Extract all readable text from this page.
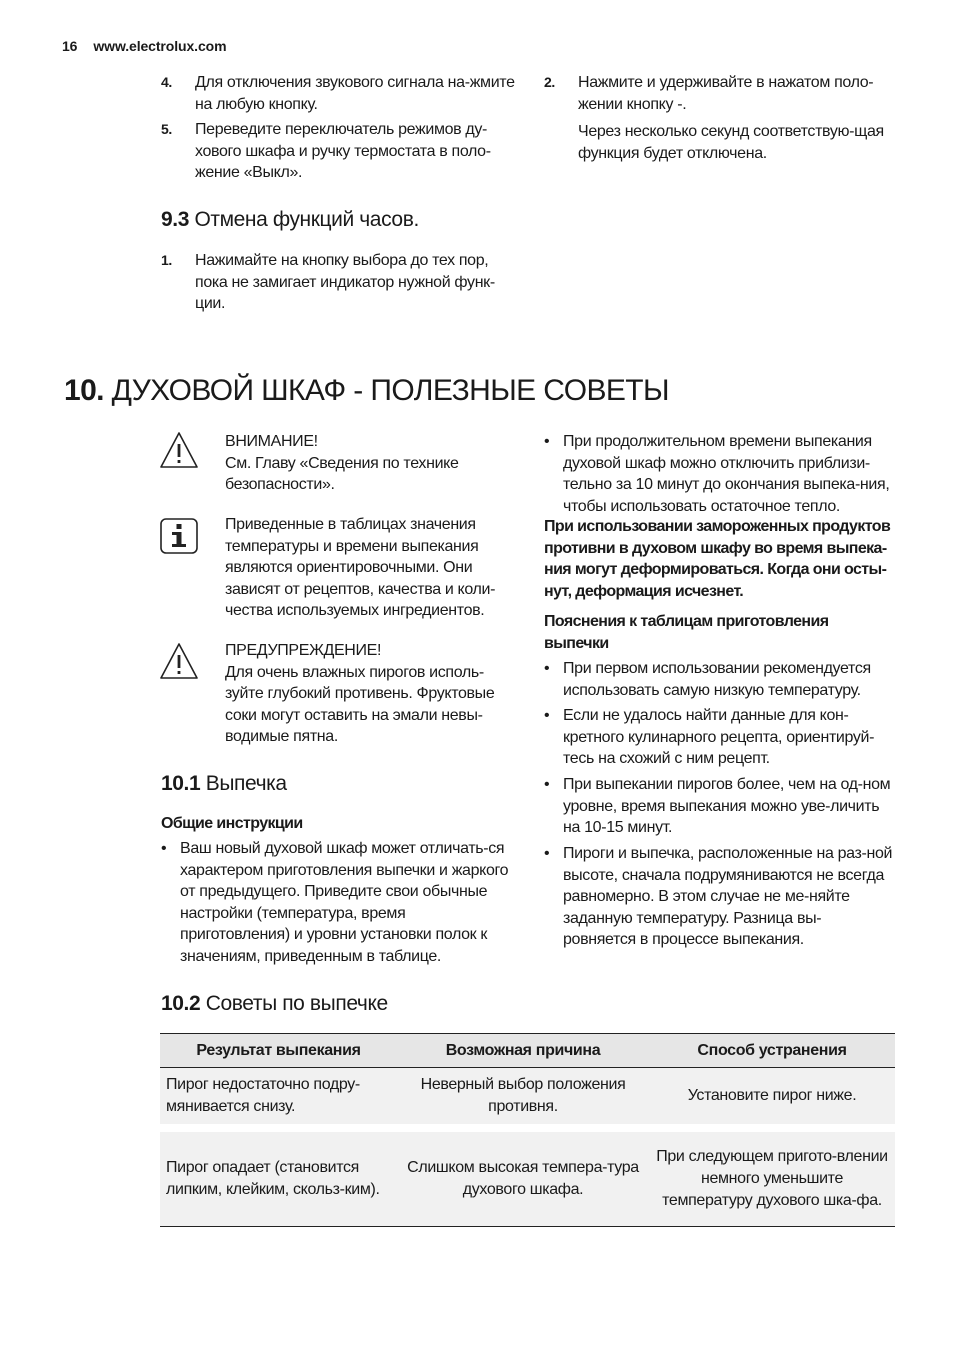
16 www.electrolux.com
4.	Для отключения звукового сигнала на-жмите на любую кнопку.
5.	Переведите переключатель режимов ду-хового шкафа и ручку термостата в поло-жение «Выкл».
9.3 Отмена функций часов.
1.	Нажимайте на кнопку выбора до тех пор, пока не замигает индикатор нужной функ-ции.
2.	Нажмите и удерживайте в нажатом поло-жении кнопку -.
Через несколько секунд соответствую-щая функция будет отключена.
10. ДУХОВОЙ ШКАФ - ПОЛЕЗНЫЕ СОВЕТЫ
ВНИМАНИЕ!
См. Главу «Сведения по технике безопасности».
Приведенные в таблицах значения температуры и времени выпекания являются ориентировочными. Они зависят от рецептов, качества и коли-чества используемых ингредиентов.
ПРЕДУПРЕЖДЕНИЕ!
Для очень влажных пирогов исполь-зуйте глубокий противень. Фруктовые соки могут оставить на эмали невы-водимые пятна.
10.1 Выпечка
Общие инструкции
• Ваш новый духовой шкаф может отличать-ся характером приготовления выпечки и жаркого от предыдущего. Приведите свои обычные настройки (температура, время приготовления) и уровни установки полок к значениям, приведенным в таблице.
• При продолжительном времени выпекания духовой шкаф можно отключить приблизи-тельно за 10 минут до окончания выпека-ния, чтобы использовать остаточное тепло.
При использовании замороженных продуктов противни в духовом шкафу во время выпека-ния могут деформироваться. Когда они осты-нут, деформация исчезнет.
Пояснения к таблицам приготовления выпечки
• При первом использовании рекомендуется использовать самую низкую температуру.
• Если не удалось найти данные для кон-кретного кулинарного рецепта, ориентируй-тесь на схожий с ним рецепт.
• При выпекании пирогов более, чем на од-ном уровне, время выпекания можно уве-личить на 10-15 минут.
• Пироги и выпечка, расположенные на раз-ной высоте, сначала подрумяниваются не всегда равномерно. В этом случае не ме-няйте заданную температуру. Разница вы-ровняется в процессе выпекания.
10.2 Советы по выпечке
Результат выпекания	Возможная причина	Способ устранения
Пирог недостаточно подру-мянивается снизу.	Неверный выбор положения противня.	Установите пирог ниже.
Пирог опадает (становится липким, клейким, скольз-ким).	Слишком высокая темпера-тура духового шкафа.	При следующем пригото-влении немного уменьшите температуру духового шка-фа.
